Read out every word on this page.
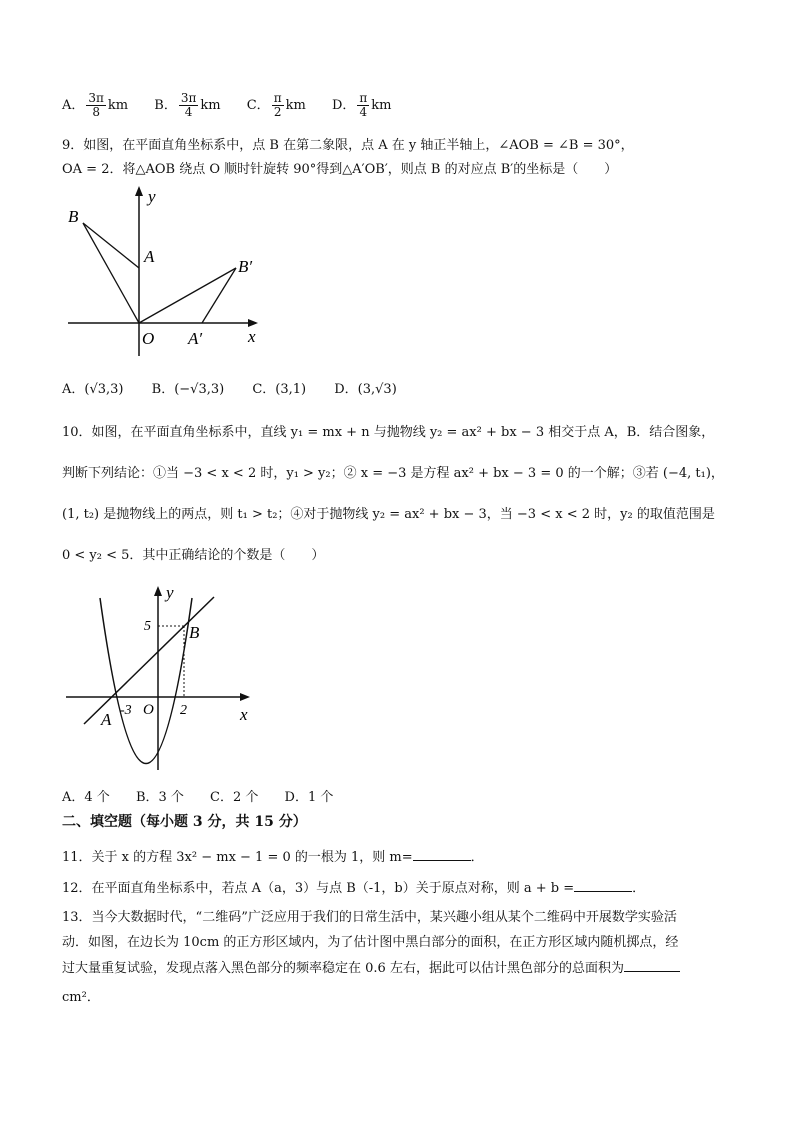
A． $\frac{3\pi}{8}$ km B． $\frac{3\pi}{4}$ km C． $\frac{\pi}{2}$ km D． $\frac{\pi}{4}$ km
9．如图，在平面直角坐标系中，点 B 在第二象限，点 A 在 y 轴正半轴上，∠AOB = ∠B = 30°，
OA = 2．将△AOB 绕点 O 顺时针旋转 90°得到△A′OB′，则点 B 的对应点 B′的坐标是（　　）
B
y
A
B′
O A′	x
A．(√3,3) B．(−√3,3) C．(3,1) D．(3,√3)
10．如图，在平面直角坐标系中，直线 y₁ = mx + n 与抛物线 y₂ = ax² + bx − 3 相交于点 A，B．结合图象，
判断下列结论：①当 −3 < x < 2 时，y₁ > y₂；② x = −3 是方程 ax² + bx − 3 = 0 的一个解；③若 (−4, t₁)，
(1, t₂) 是抛物线上的两点，则 t₁ > t₂；④对于抛物线 y₂ = ax² + bx − 3，当 −3 < x < 2 时，y₂ 的取值范围是
0 < y₂ < 5．其中正确结论的个数是（　　）
y
5 B
A -3 O 2	x
A．4 个 B．3 个 C．2 个 D．1 个
二、填空题（每小题 3 分，共 15 分）
11．关于 x 的方程 3x² − mx − 1 = 0 的一根为 1，则 m=	．
12．在平面直角坐标系中，若点 A（a，3）与点 B（-1，b）关于原点对称，则 a + b =	．
13．当今大数据时代，“二维码”广泛应用于我们的日常生活中，某兴趣小组从某个二维码中开展数学实验活
动．如图，在边长为 10cm 的正方形区域内，为了估计图中黑白部分的面积，在正方形区域内随机掷点，经
过大量重复试验，发现点落入黑色部分的频率稳定在 0.6 左右，据此可以估计黑色部分的总面积为
cm²．
